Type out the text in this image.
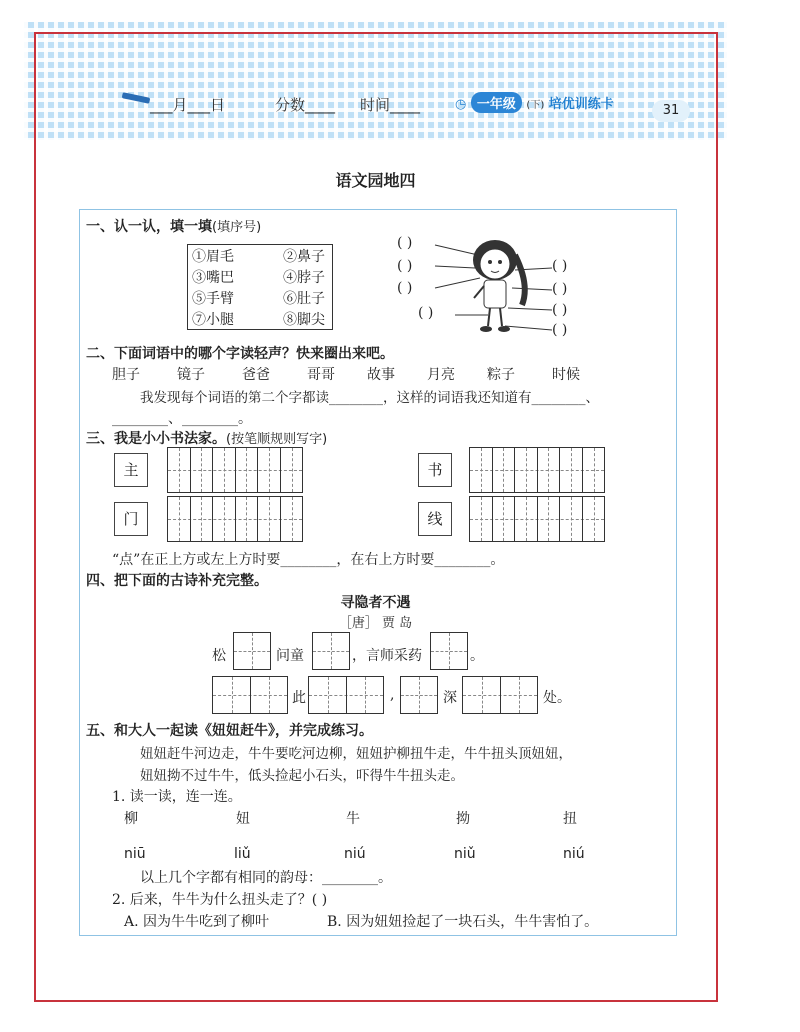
___月___日	分数____ 时间____	◷ 一年级 (下) 培优训练卡	31
语文园地四
一、认一认，填一填(填序号)
①眉毛	②鼻子
③嘴巴	④脖子
⑤手臂	⑥肚子
⑦小腿	⑧脚尖
( )
( )
( )
( )
( )
( )
( )
( )
二、下面词语中的哪个字读轻声？快来圈出来吧。
胆子	镜子	爸爸	哥哥 故事 月亮 粽子	时候
我发现每个词语的第二个字都读________，这样的词语我还知道有________、
________、________。
三、我是小小书法家。(按笔顺规则写字)
主	书
门	线
“点”在正上方或左上方时要________，在右上方时要________。
四、把下面的古诗补充完整。
寻隐者不遇
［唐］ 贾 岛
松	问童	，言师采药	。
此	,	深	处。
五、和大人一起读《妞妞赶牛》，并完成练习。
妞妞赶牛河边走，牛牛要吃河边柳，妞妞护柳扭牛走，牛牛扭头顶妞妞，
妞妞拗不过牛牛，低头捡起小石头，吓得牛牛扭头走。
1. 读一读，连一连。
柳	妞	牛	拗	扭
niū	liǔ	niú	niǔ	niú
以上几个字都有相同的韵母：________。
2. 后来，牛牛为什么扭头走了？( )
A. 因为牛牛吃到了柳叶	B. 因为妞妞捡起了一块石头，牛牛害怕了。
